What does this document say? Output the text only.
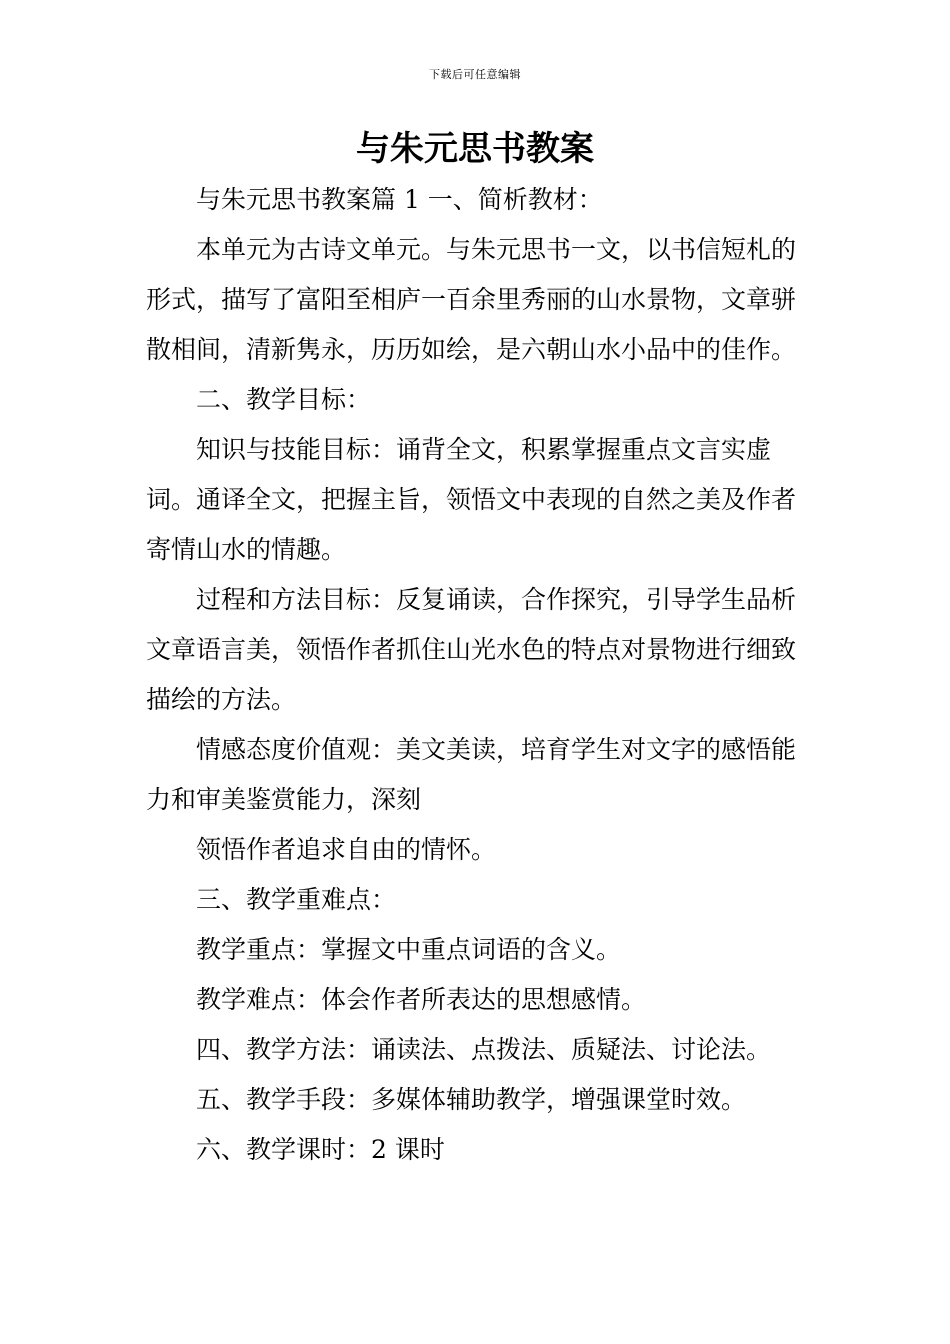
下载后可任意编辑
与朱元思书教案

与朱元思书教案篇 1 一、简析教材：

本单元为古诗文单元。与朱元思书一文，以书信短札的形式，描写了富阳至相庐一百余里秀丽的山水景物，文章骈散相间，清新隽永，历历如绘，是六朝山水小品中的佳作。

二、教学目标：

知识与技能目标：诵背全文，积累掌握重点文言实虚词。通译全文，把握主旨，领悟文中表现的自然之美及作者寄情山水的情趣。

过程和方法目标：反复诵读，合作探究，引导学生品析文章语言美，领悟作者抓住山光水色的特点对景物进行细致描绘的方法。

情感态度价值观：美文美读，培育学生对文字的感悟能力和审美鉴赏能力，深刻

领悟作者追求自由的情怀。

三、教学重难点：

教学重点：掌握文中重点词语的含义。

教学难点：体会作者所表达的思想感情。

四、教学方法：诵读法、点拨法、质疑法、讨论法。

五、教学手段：多媒体辅助教学，增强课堂时效。

六、教学课时：2 课时
